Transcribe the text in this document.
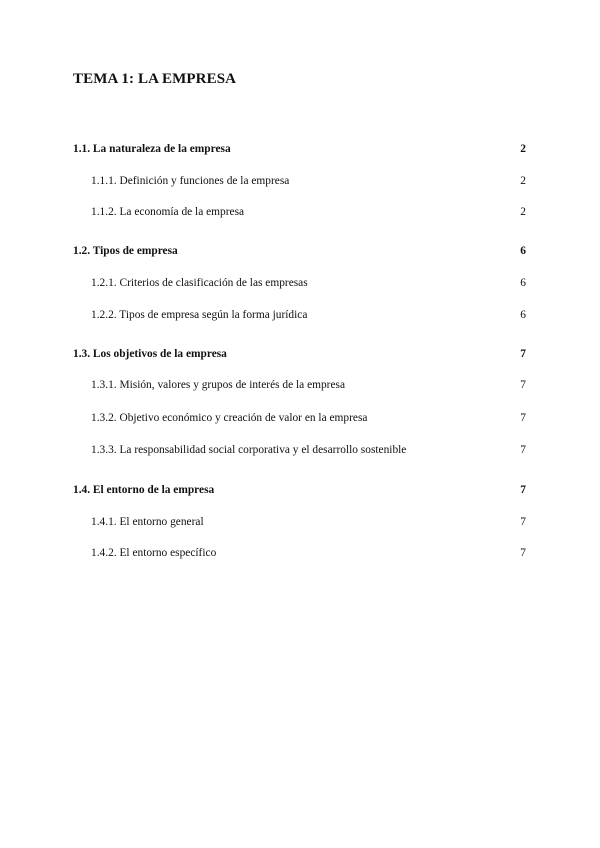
TEMA 1: LA EMPRESA
1.1. La naturaleza de la empresa	2
1.1.1. Definición y funciones de la empresa	2
1.1.2. La economía de la empresa	2
1.2. Tipos de empresa	6
1.2.1. Criterios de clasificación de las empresas	6
1.2.2. Tipos de empresa según la forma jurídica	6
1.3. Los objetivos de la empresa	7
1.3.1. Misión, valores y grupos de interés de la empresa	7
1.3.2. Objetivo económico y creación de valor en la empresa	7
1.3.3. La responsabilidad social corporativa y el desarrollo sostenible	7
1.4. El entorno de la empresa	7
1.4.1. El entorno general	7
1.4.2. El entorno específico	7
